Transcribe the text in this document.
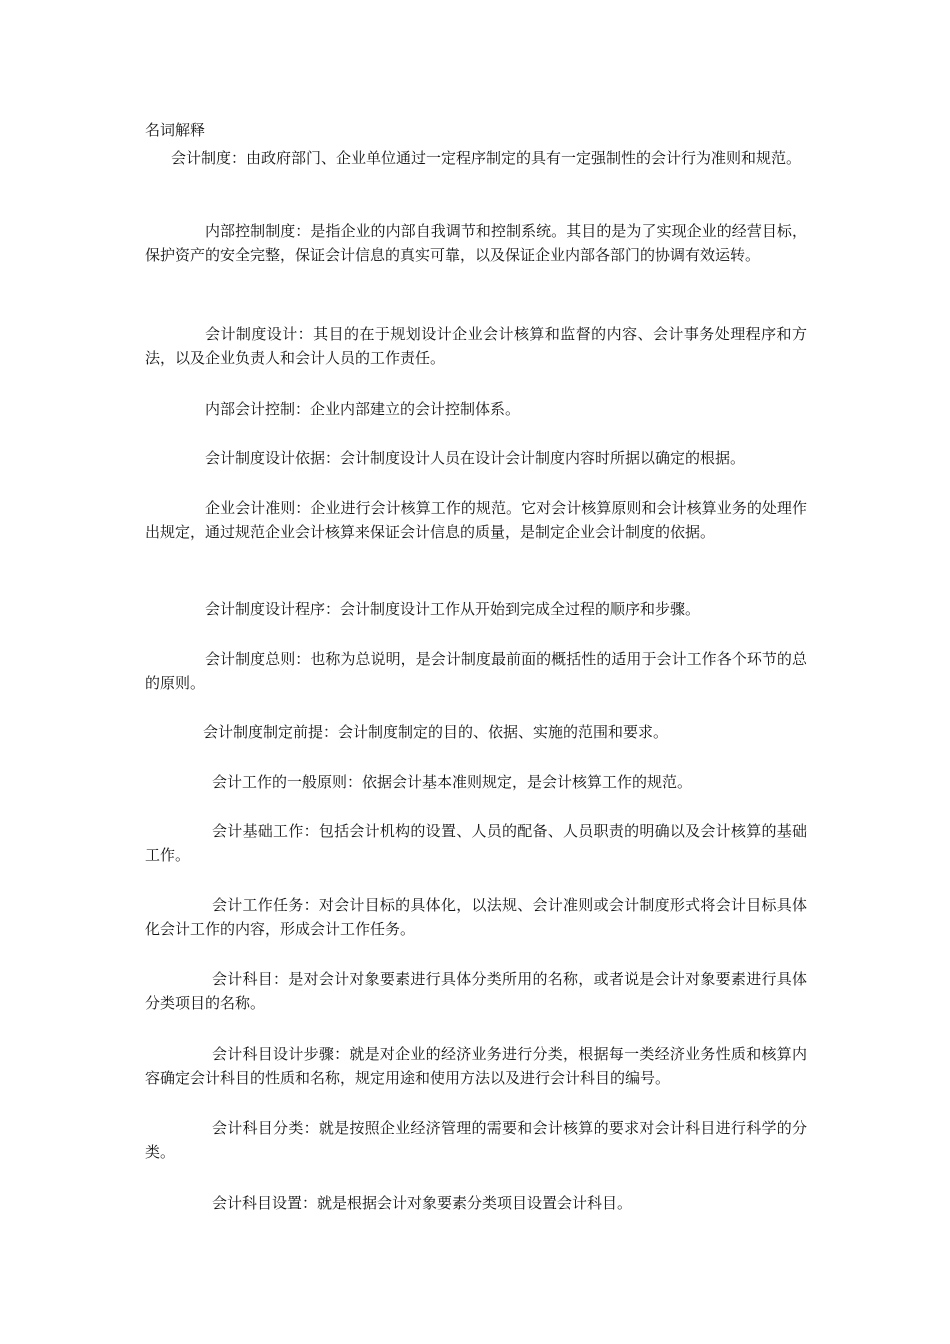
名词解释

会计制度：由政府部门、企业单位通过一定程序制定的具有一定强制性的会计行为准则和规范。

内部控制制度：是指企业的内部自我调节和控制系统。其目的是为了实现企业的经营目标，保护资产的安全完整，保证会计信息的真实可靠，以及保证企业内部各部门的协调有效运转。

会计制度设计：其目的在于规划设计企业会计核算和监督的内容、会计事务处理程序和方法，以及企业负责人和会计人员的工作责任。

内部会计控制：企业内部建立的会计控制体系。

会计制度设计依据：会计制度设计人员在设计会计制度内容时所据以确定的根据。

企业会计准则：企业进行会计核算工作的规范。它对会计核算原则和会计核算业务的处理作出规定，通过规范企业会计核算来保证会计信息的质量，是制定企业会计制度的依据。

会计制度设计程序：会计制度设计工作从开始到完成全过程的顺序和步骤。

会计制度总则：也称为总说明，是会计制度最前面的概括性的适用于会计工作各个环节的总的原则。

会计制度制定前提：会计制度制定的目的、依据、实施的范围和要求。

会计工作的一般原则：依据会计基本准则规定，是会计核算工作的规范。

会计基础工作：包括会计机构的设置、人员的配备、人员职责的明确以及会计核算的基础工作。

会计工作任务：对会计目标的具体化，以法规、会计准则或会计制度形式将会计目标具体化会计工作的内容，形成会计工作任务。

会计科目：是对会计对象要素进行具体分类所用的名称，或者说是会计对象要素进行具体分类项目的名称。

会计科目设计步骤：就是对企业的经济业务进行分类，根据每一类经济业务性质和核算内容确定会计科目的性质和名称，规定用途和使用方法以及进行会计科目的编号。

会计科目分类：就是按照企业经济管理的需要和会计核算的要求对会计科目进行科学的分类。

会计科目设置：就是根据会计对象要素分类项目设置会计科目。
